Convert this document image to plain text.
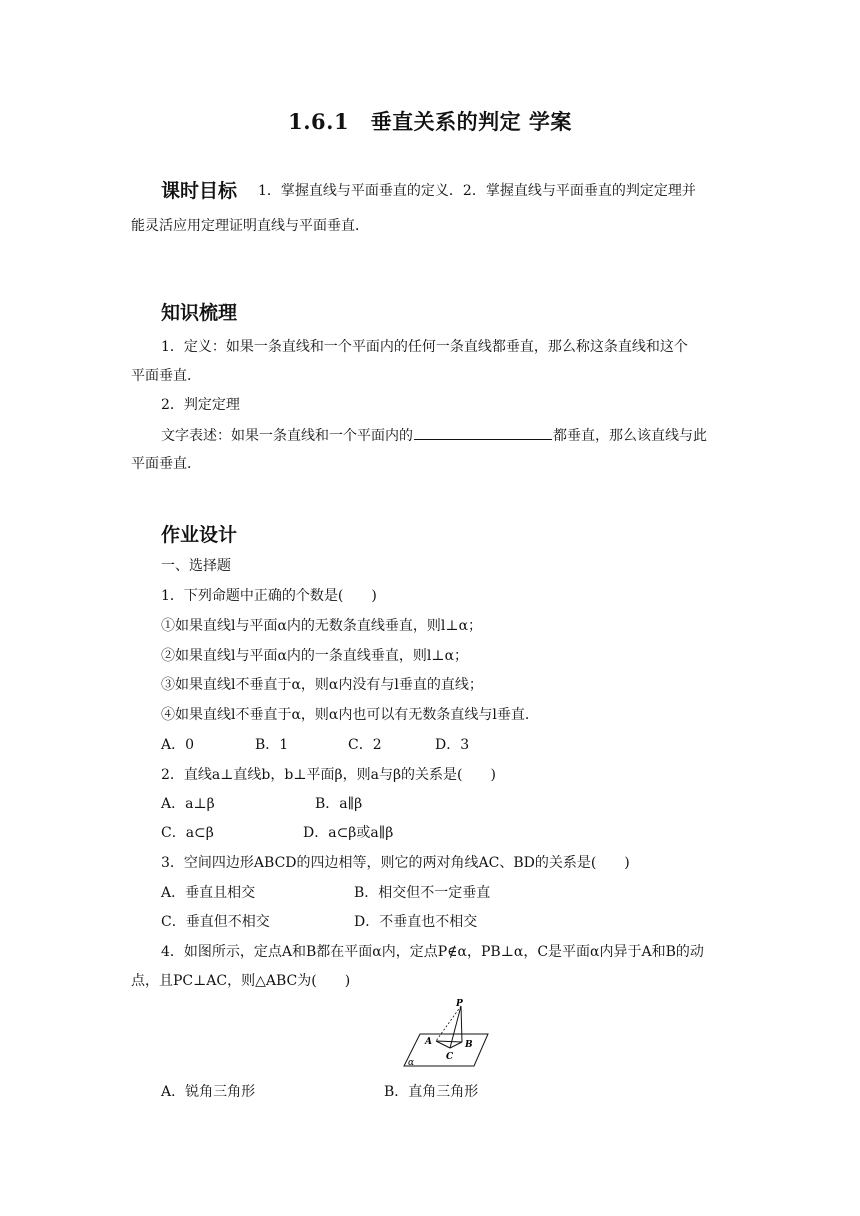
1.6.1　垂直关系的判定 学案
课时目标 1．掌握直线与平面垂直的定义．2．掌握直线与平面垂直的判定定理并
能灵活应用定理证明直线与平面垂直．
知识梳理
1．定义：如果一条直线和一个平面内的任何一条直线都垂直，那么称这条直线和这个
平面垂直．
2．判定定理
文字表述：如果一条直线和一个平面内的	都垂直，那么该直线与此
平面垂直．
作业设计
一、选择题
1．下列命题中正确的个数是(　　)
①如果直线l与平面α内的无数条直线垂直，则l⊥α；
②如果直线l与平面α内的一条直线垂直，则l⊥α；
③如果直线l不垂直于α，则α内没有与l垂直的直线；
④如果直线l不垂直于α，则α内也可以有无数条直线与l垂直．
A．0	B．1	C．2	D．3
2．直线a⊥直线b，b⊥平面β，则a与β的关系是(　　)
A．a⊥β	B．a∥β
C．a⊂β	D．a⊂β或a∥β
3．空间四边形ABCD的四边相等，则它的两对角线AC、BD的关系是(　　)
A．垂直且相交	B．相交但不一定垂直
C．垂直但不相交	D．不垂直也不相交
4．如图所示，定点A和B都在平面α内，定点P∉α，PB⊥α，C是平面α内异于A和B的动
点，且PC⊥AC，则△ABC为(　　)
P
A	B
C
α
A．锐角三角形	B．直角三角形
